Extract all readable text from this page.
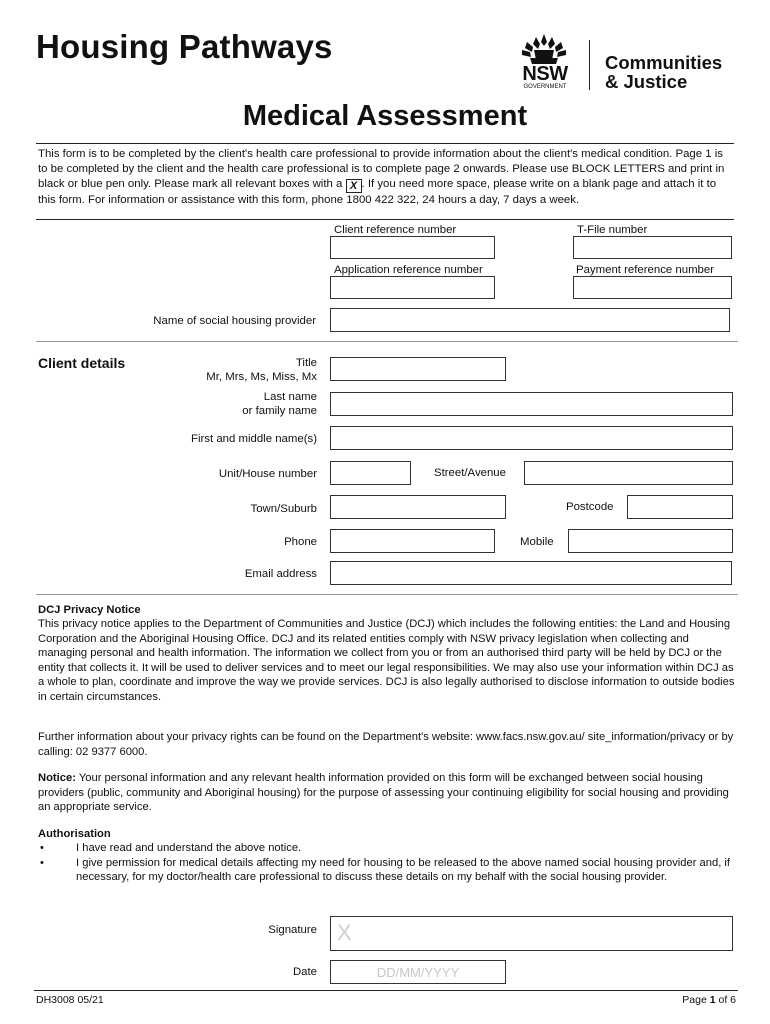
Housing Pathways
NSW
GOVERNMENT
Communities
& Justice
Medical Assessment
This form is to be completed by the client's health care professional to provide information about the client's medical condition. Page 1 is to be completed by the client and the health care professional is to complete page 2 onwards. Please use BLOCK LETTERS and print in black or blue pen only. Please mark all relevant boxes with a X . If you need more space, please write on a blank page and attach it to this form. For information or assistance with this form, phone 1800 422 322, 24 hours a day, 7 days a week.
Client reference number	T-File number
Application reference number	Payment reference number
Name of social housing provider
Client details	Title
Mr, Mrs, Ms, Miss, Mx
Last name
or family name
First and middle name(s)
Unit/House number	Street/Avenue
Town/Suburb	Postcode
Phone	Mobile
Email address
DCJ Privacy Notice
This privacy notice applies to the Department of Communities and Justice (DCJ) which includes the following entities: the Land and Housing Corporation and the Aboriginal Housing Office. DCJ and its related entities comply with NSW privacy legislation when collecting and managing personal and health information. The information we collect from you or from an authorised third party will be held by DCJ or the entity that collects it. It will be used to deliver services and to meet our legal responsibilities. We may also use your information within DCJ as a whole to plan, coordinate and improve the way we provide services. DCJ is also legally authorised to disclose information to outside bodies in certain circumstances.
Further information about your privacy rights can be found on the Department's website: www.facs.nsw.gov.au/ site_information/privacy or by calling: 02 9377 6000.
Notice: Your personal information and any relevant health information provided on this form will be exchanged between social housing providers (public, community and Aboriginal housing) for the purpose of assessing your continuing eligibility for social housing and providing an appropriate service.
Authorisation
• I have read and understand the above notice.
• I give permission for medical details affecting my need for housing to be released to the above named social housing provider and, if necessary, for my doctor/health care professional to discuss these details on my behalf with the social housing provider.
Signature X
Date	DD/MM/YYYY
DH3008 05/21	Page 1 of 6
